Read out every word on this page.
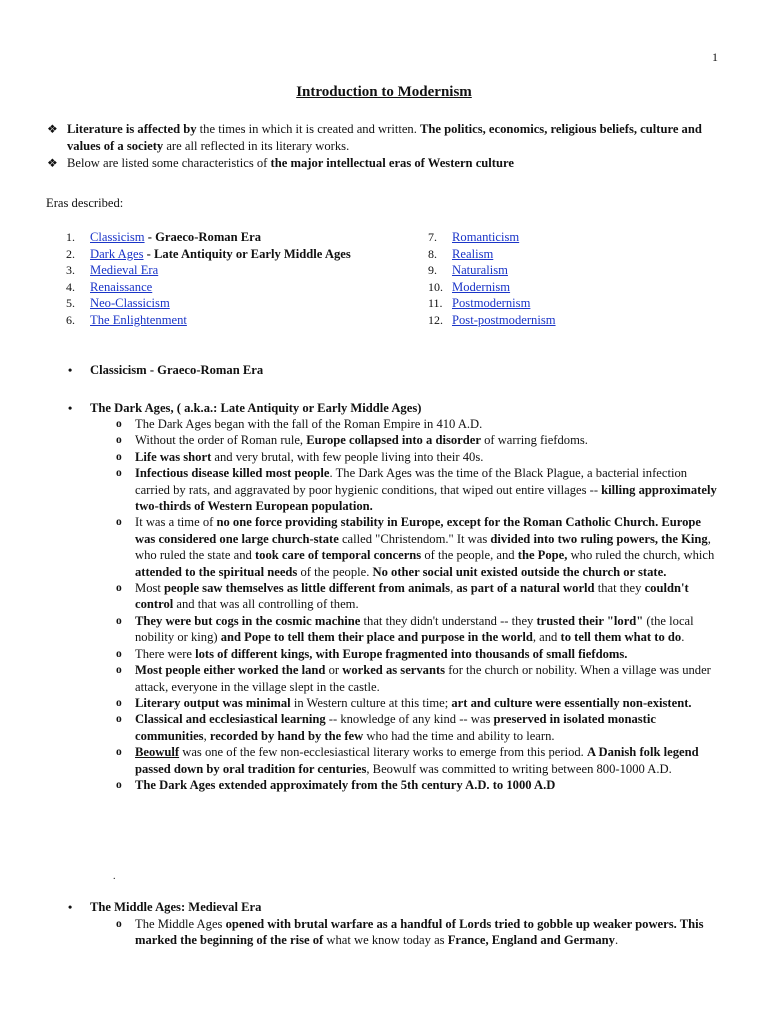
1
Introduction to Modernism

❖ Literature is affected by the times in which it is created and written. The politics, economics, religious beliefs, culture and values of a society are all reflected in its literary works.

❖ Below are listed some characteristics of the major intellectual eras of Western culture

Eras described:

1. Classicism - Graeco-Roman Era

2. Dark Ages - Late Antiquity or Early Middle Ages

3. Medieval Era

4. Renaissance

5. Neo-Classicism

6. The Enlightenment

7. Romanticism

8. Realism

9. Naturalism

10. Modernism

11. Postmodernism

12. Post-postmodernism

• Classicism - Graeco-Roman Era
• The Dark Ages, ( a.k.a.: Late Antiquity or Early Middle Ages)
o The Dark Ages began with the fall of the Roman Empire in 410 A.D.
o Without the order of Roman rule, Europe collapsed into a disorder of warring fiefdoms.
o Life was short and very brutal, with few people living into their 40s.
o Infectious disease killed most people. The Dark Ages was the time of the Black Plague, a bacterial infection carried by rats, and aggravated by poor hygienic conditions, that wiped out entire villages -- killing approximately two-thirds of Western European population.
o It was a time of no one force providing stability in Europe, except for the Roman Catholic Church. Europe was considered one large church-state called "Christendom." It was divided into two ruling powers, the King, who ruled the state and took care of temporal concerns of the people, and the Pope, who ruled the church, which attended to the spiritual needs of the people. No other social unit existed outside the church or state.
o Most people saw themselves as little different from animals, as part of a natural world that they couldn't control and that was all controlling of them.
o They were but cogs in the cosmic machine that they didn't understand -- they trusted their "lord" (the local nobility or king) and Pope to tell them their place and purpose in the world, and to tell them what to do.
o There were lots of different kings, with Europe fragmented into thousands of small fiefdoms.
o Most people either worked the land or worked as servants for the church or nobility. When a village was under attack, everyone in the village slept in the castle.
o Literary output was minimal in Western culture at this time; art and culture were essentially non-existent.
o Classical and ecclesiastical learning -- knowledge of any kind -- was preserved in isolated monastic communities, recorded by hand by the few who had the time and ability to learn.
o Beowulf was one of the few non-ecclesiastical literary works to emerge from this period. A Danish folk legend passed down by oral tradition for centuries, Beowulf was committed to writing between 800-1000 A.D.
o The Dark Ages extended approximately from the 5th century A.D. to 1000 A.D
.
• The Middle Ages: Medieval Era
o The Middle Ages opened with brutal warfare as a handful of Lords tried to gobble up weaker powers. This marked the beginning of the rise of what we know today as France, England and Germany.
